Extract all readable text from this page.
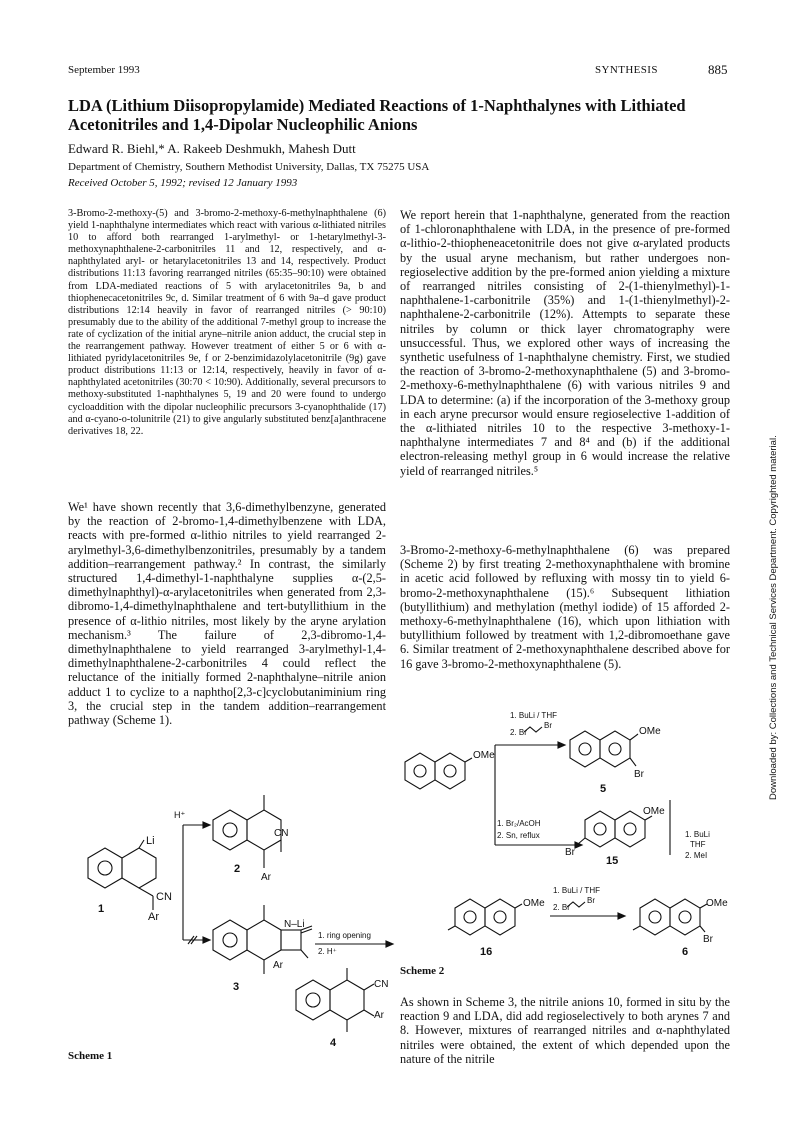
September 1993	SYNTHESIS	885
LDA (Lithium Diisopropylamide) Mediated Reactions of 1-Naphthalynes with Lithiated
Acetonitriles and 1,4-Dipolar Nucleophilic Anions
Edward R. Biehl,* A. Rakeeb Deshmukh, Mahesh Dutt
Department of Chemistry, Southern Methodist University, Dallas, TX 75275 USA
Received October 5, 1992; revised 12 January 1993

3-Bromo-2-methoxy-(5) and 3-bromo-2-methoxy-6-methylnaphthalene (6) yield 1-naphthalyne intermediates which react with various α-lithiated nitriles 10 to afford both rearranged 1-arylmethyl- or 1-hetarylmethyl-3-methoxynaphthalene-2-carbonitriles 11 and 12, respectively, and α-naphthylated aryl- or hetarylacetonitriles 13 and 14, respectively. Product distributions 11:13 favoring rearranged nitriles (65:35–90:10) were obtained from LDA-mediated reactions of 5 with arylacetonitriles 9a, b and thiophenecacetonitriles 9c, d. Similar treatment of 6 with 9a–d gave product distributions 12:14 heavily in favor of rearranged nitriles (> 90:10) presumably due to the ability of the additional 7-methyl group to increase the rate of cyclization of the initial aryne–nitrile anion adduct, the crucial step in the rearrangement pathway. However treatment of either 5 or 6 with α-lithiated pyridylacetonitriles 9e, f or 2-benzimidazolylacetonitrile (9g) gave product distributions 11:13 or 12:14, respectively, heavily in favor of α-naphthylated acetonitriles (30:70 < 10:90). Additionally, several precursors to methoxy-substituted 1-naphthalynes 5, 19 and 20 were found to undergo cycloaddition with the dipolar nucleophilic precursors 3-cyanophthalide (17) and α-cyano-o-tolunitrile (21) to give angularly substituted benz[a]anthracene derivatives 18, 22.

We¹ have shown recently that 3,6-dimethylbenzyne, generated by the reaction of 2-bromo-1,4-dimethylbenzene with LDA, reacts with pre-formed α-lithio nitriles to yield rearranged 2-arylmethyl-3,6-dimethylbenzonitriles, presumably by a tandem addition–rearrangement pathway.² In contrast, the similarly structured 1,4-dimethyl-1-naphthalyne supplies α-(2,5-dimethylnaphthyl)-α-arylacetonitriles when generated from 2,3-dibromo-1,4-dimethylnaphthalene and tert-butyllithium in the presence of α-lithio nitriles, most likely by the aryne arylation mechanism.³ The failure of 2,3-dibromo-1,4-dimethylnaphthalene to yield rearranged 3-arylmethyl-1,4-dimethylnaphthalene-2-carbonitriles 4 could reflect the reluctance of the initially formed 2-naphthalyne–nitrile anion adduct 1 to cyclize to a naphtho[2,3-c]cyclobutaniminium ring 3, the crucial step in the tandem addition–rearrangement pathway (Scheme 1).

We report herein that 1-naphthalyne, generated from the reaction of 1-chloronaphthalene with LDA, in the presence of pre-formed α-lithio-2-thiopheneacetonitrile does not give α-arylated products by the usual aryne mechanism, but rather undergoes non-regioselective addition by the pre-formed anion yielding a mixture of rearranged nitriles consisting of 2-(1-thienylmethyl)-1-naphthalene-1-carbonitrile (35%) and 1-(1-thienylmethyl)-2-naphthalene-2-carbonitrile (12%). Attempts to separate these nitriles by column or thick layer chromatography were unsuccessful. Thus, we explored other ways of increasing the synthetic usefulness of 1-naphthalyne chemistry. First, we studied the reaction of 3-bromo-2-methoxynaphthalene (5) and 3-bromo-2-methoxy-6-methylnaphthalene (6) with various nitriles 9 and LDA to determine: (a) if the incorporation of the 3-methoxy group in each aryne precursor would ensure regioselective 1-addition of the α-lithiated nitriles 10 to the respective 3-methoxy-1-naphthalyne intermediates 7 and 8⁴ and (b) if the additional electron-releasing methyl group in 6 would increase the relative yield of rearranged nitriles.⁵

3-Bromo-2-methoxy-6-methylnaphthalene (6) was prepared (Scheme 2) by first treating 2-methoxynaphthalene with bromine in acetic acid followed by refluxing with mossy tin to yield 6-bromo-2-methoxynaphthalene (15).⁶ Subsequent lithiation (butyllithium) and methylation (methyl iodide) of 15 afforded 2-methoxy-6-methylnaphthalene (16), which upon lithiation with butyllithium followed by treatment with 1,2-dibromoethane gave 6. Similar treatment of 2-methoxynaphthalene described above for 16 gave 3-bromo-2-methoxynaphthalene (5).

As shown in Scheme 3, the nitrile anions 10, formed in situ by the reaction 9 and LDA, did add regioselectively to both arynes 7 and 8. However, mixtures of rearranged nitriles and α-naphthylated nitriles were obtained, the extent of which depended upon the nature of the nitrile

Downloaded by: Collections and Technical Services Department. Copyrighted material.
Li
CN
Ar
1
H⁺
CN
Ar
2
N–Li
Ar
3
1. ring opening
2. H⁺
CN
Ar
4
Scheme 1
OMe
1. BuLi / THF
2. Br
Br
OMe
Br
5
1. Br₂/AcOH
2. Sn, reflux
OMe
Br
15
1. BuLi
THF
2. MeI
OMe
16
1. BuLi / THF
2. Br
Br	OMe
Br
6
Scheme 2
